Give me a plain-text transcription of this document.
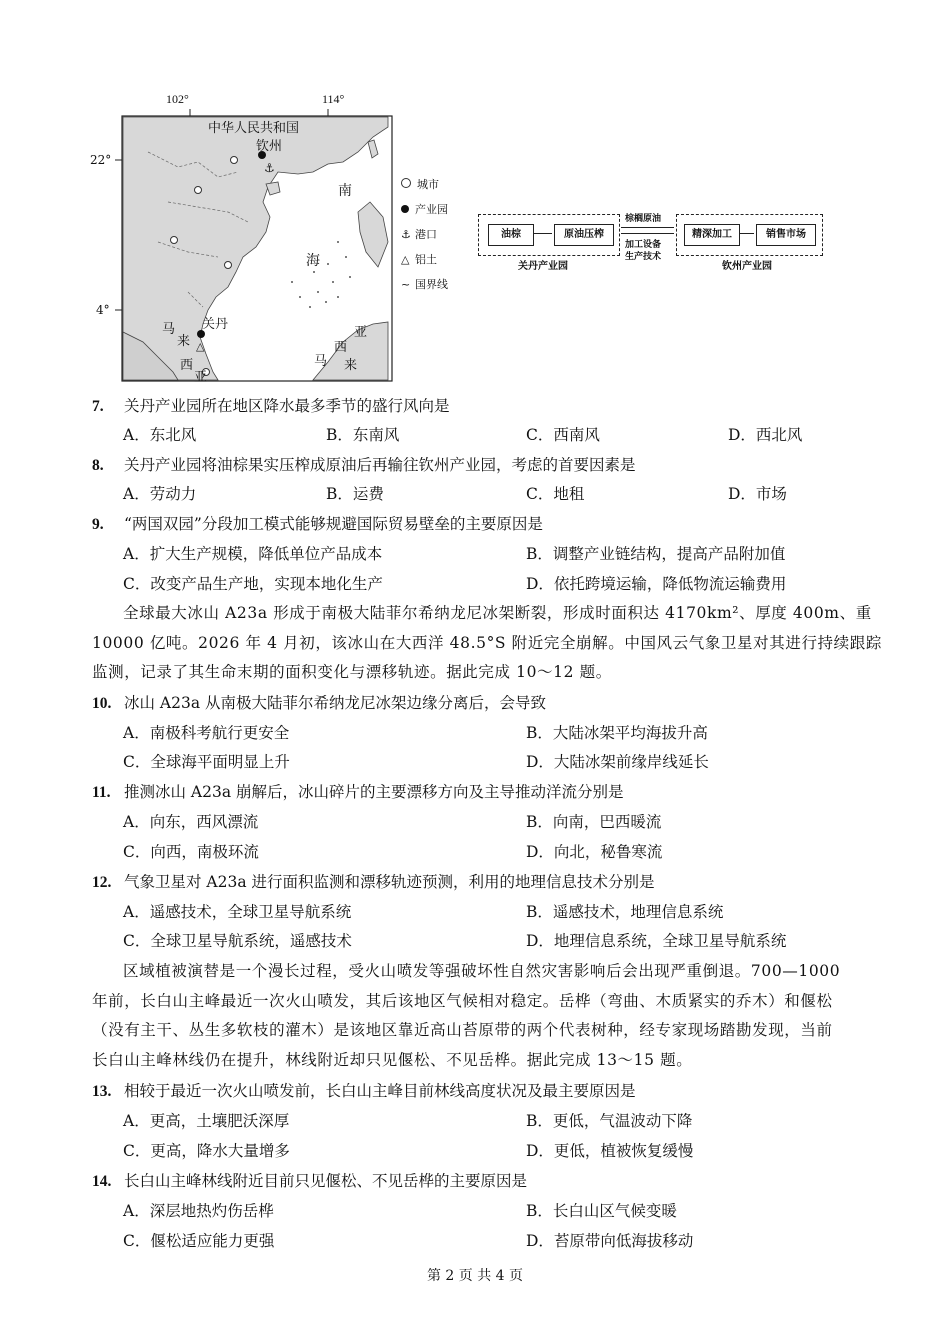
⚓
△
102°	114°
22°
4°
中华人民共和国
钦州
南
海
关丹
马
来
西
亚
亚
西
马 来
城市
产业园
⚓ 港口
△ 铝土
~ 国界线
油棕	原油压榨
关丹产业园
棕榈原油
加工设备
生产技术
精深加工	销售市场
钦州产业园
7. 关丹产业园所在地区降水最多季节的盛行风向是
A．东北风	B．东南风	C．西南风	D．西北风
8. 关丹产业园将油棕果实压榨成原油后再输往钦州产业园，考虑的首要因素是
A．劳动力	B．运费	C．地租	D．市场
9. “两国双园”分段加工模式能够规避国际贸易壁垒的主要原因是
A．扩大生产规模，降低单位产品成本	B．调整产业链结构，提高产品附加值
C．改变产品生产地，实现本地化生产	D．依托跨境运输，降低物流运输费用
全球最大冰山 A23a 形成于南极大陆菲尔希纳龙尼冰架断裂，形成时面积达 4170km²、厚度 400m、重
10000 亿吨。2026 年 4 月初，该冰山在大西洋 48.5°S 附近完全崩解。中国风云气象卫星对其进行持续跟踪
监测，记录了其生命末期的面积变化与漂移轨迹。据此完成 10～12 题。
10. 冰山 A23a 从南极大陆菲尔希纳龙尼冰架边缘分离后，会导致
A．南极科考航行更安全	B．大陆冰架平均海拔升高
C．全球海平面明显上升	D．大陆冰架前缘岸线延长
11. 推测冰山 A23a 崩解后，冰山碎片的主要漂移方向及主导推动洋流分别是
A．向东，西风漂流	B．向南，巴西暖流
C．向西，南极环流	D．向北，秘鲁寒流
12. 气象卫星对 A23a 进行面积监测和漂移轨迹预测，利用的地理信息技术分别是
A．遥感技术，全球卫星导航系统	B．遥感技术，地理信息系统
C．全球卫星导航系统，遥感技术	D．地理信息系统，全球卫星导航系统
区域植被演替是一个漫长过程，受火山喷发等强破坏性自然灾害影响后会出现严重倒退。700—1000
年前，长白山主峰最近一次火山喷发，其后该地区气候相对稳定。岳桦（弯曲、木质紧实的乔木）和偃松
（没有主干、丛生多软枝的灌木）是该地区靠近高山苔原带的两个代表树种，经专家现场踏勘发现，当前
长白山主峰林线仍在提升，林线附近却只见偃松、不见岳桦。据此完成 13～15 题。
13. 相较于最近一次火山喷发前，长白山主峰目前林线高度状况及最主要原因是
A．更高，土壤肥沃深厚	B．更低，气温波动下降
C．更高，降水大量增多	D．更低，植被恢复缓慢
14. 长白山主峰林线附近目前只见偃松、不见岳桦的主要原因是
A．深层地热灼伤岳桦	B．长白山区气候变暖
C．偃松适应能力更强	D．苔原带向低海拔移动
第 2 页 共 4 页
